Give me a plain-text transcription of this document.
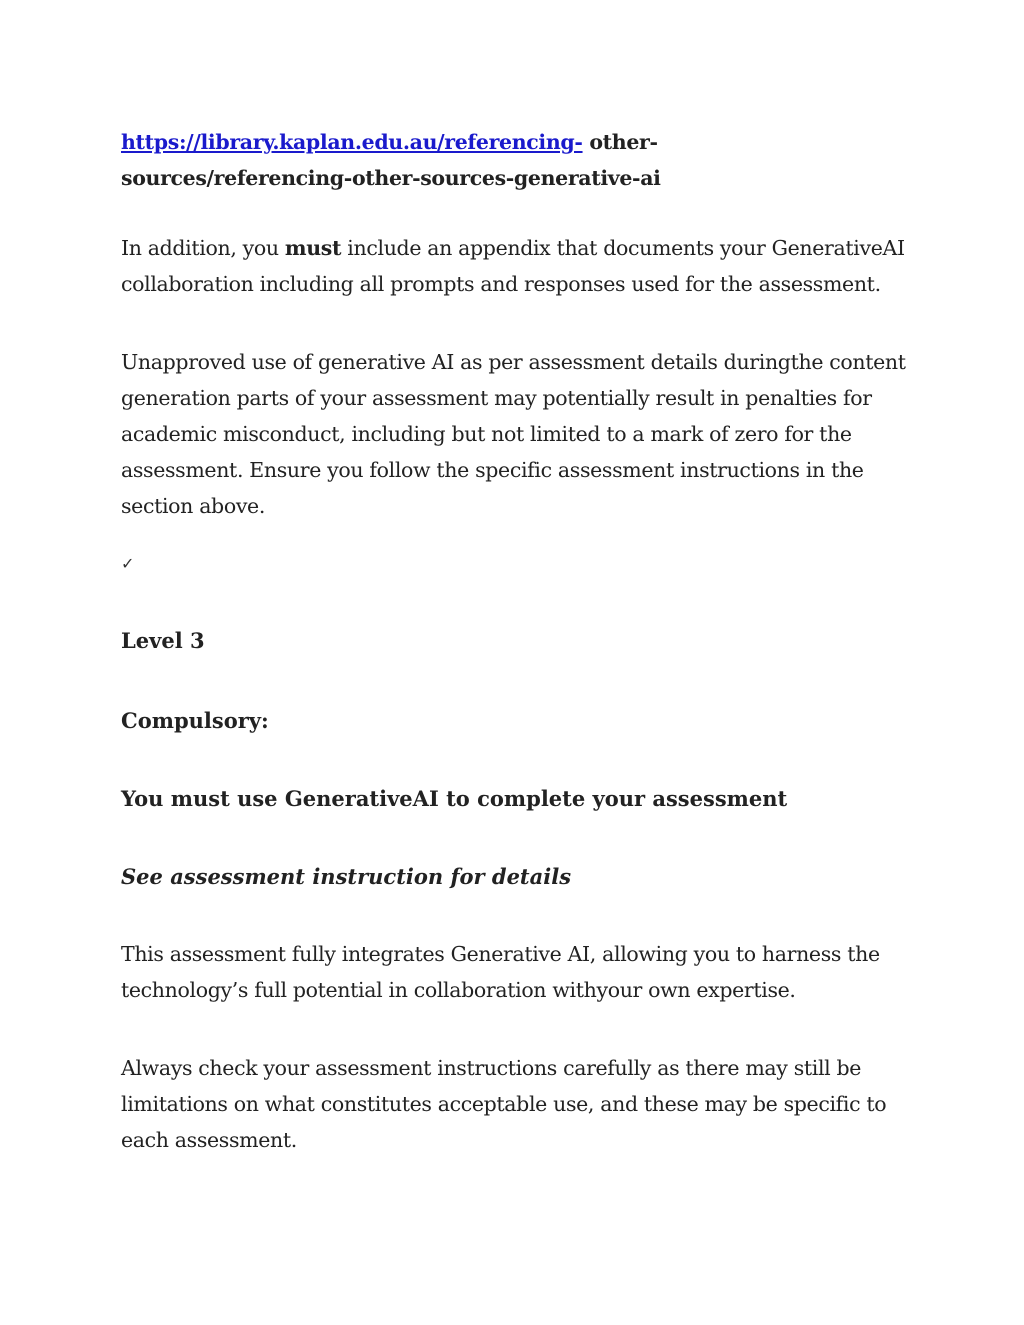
https://library.kaplan.edu.au/referencing- other-
sources/referencing-other-sources-generative-ai

In addition, you must include an appendix that documents your GenerativeAI collaboration including all prompts and responses used for the assessment.

Unapproved use of generative AI as per assessment details duringthe content generation parts of your assessment may potentially result in penalties for academic misconduct, including but not limited to a mark of zero for the assessment. Ensure you follow the specific assessment instructions in the section above.

✓
Level 3
Compulsory:
You must use GenerativeAI to complete your assessment
See assessment instruction for details

This assessment fully integrates Generative AI, allowing you to harness the technology’s full potential in collaboration withyour own expertise.

Always check your assessment instructions carefully as there may still be limitations on what constitutes acceptable use, and these may be specific to each assessment.
